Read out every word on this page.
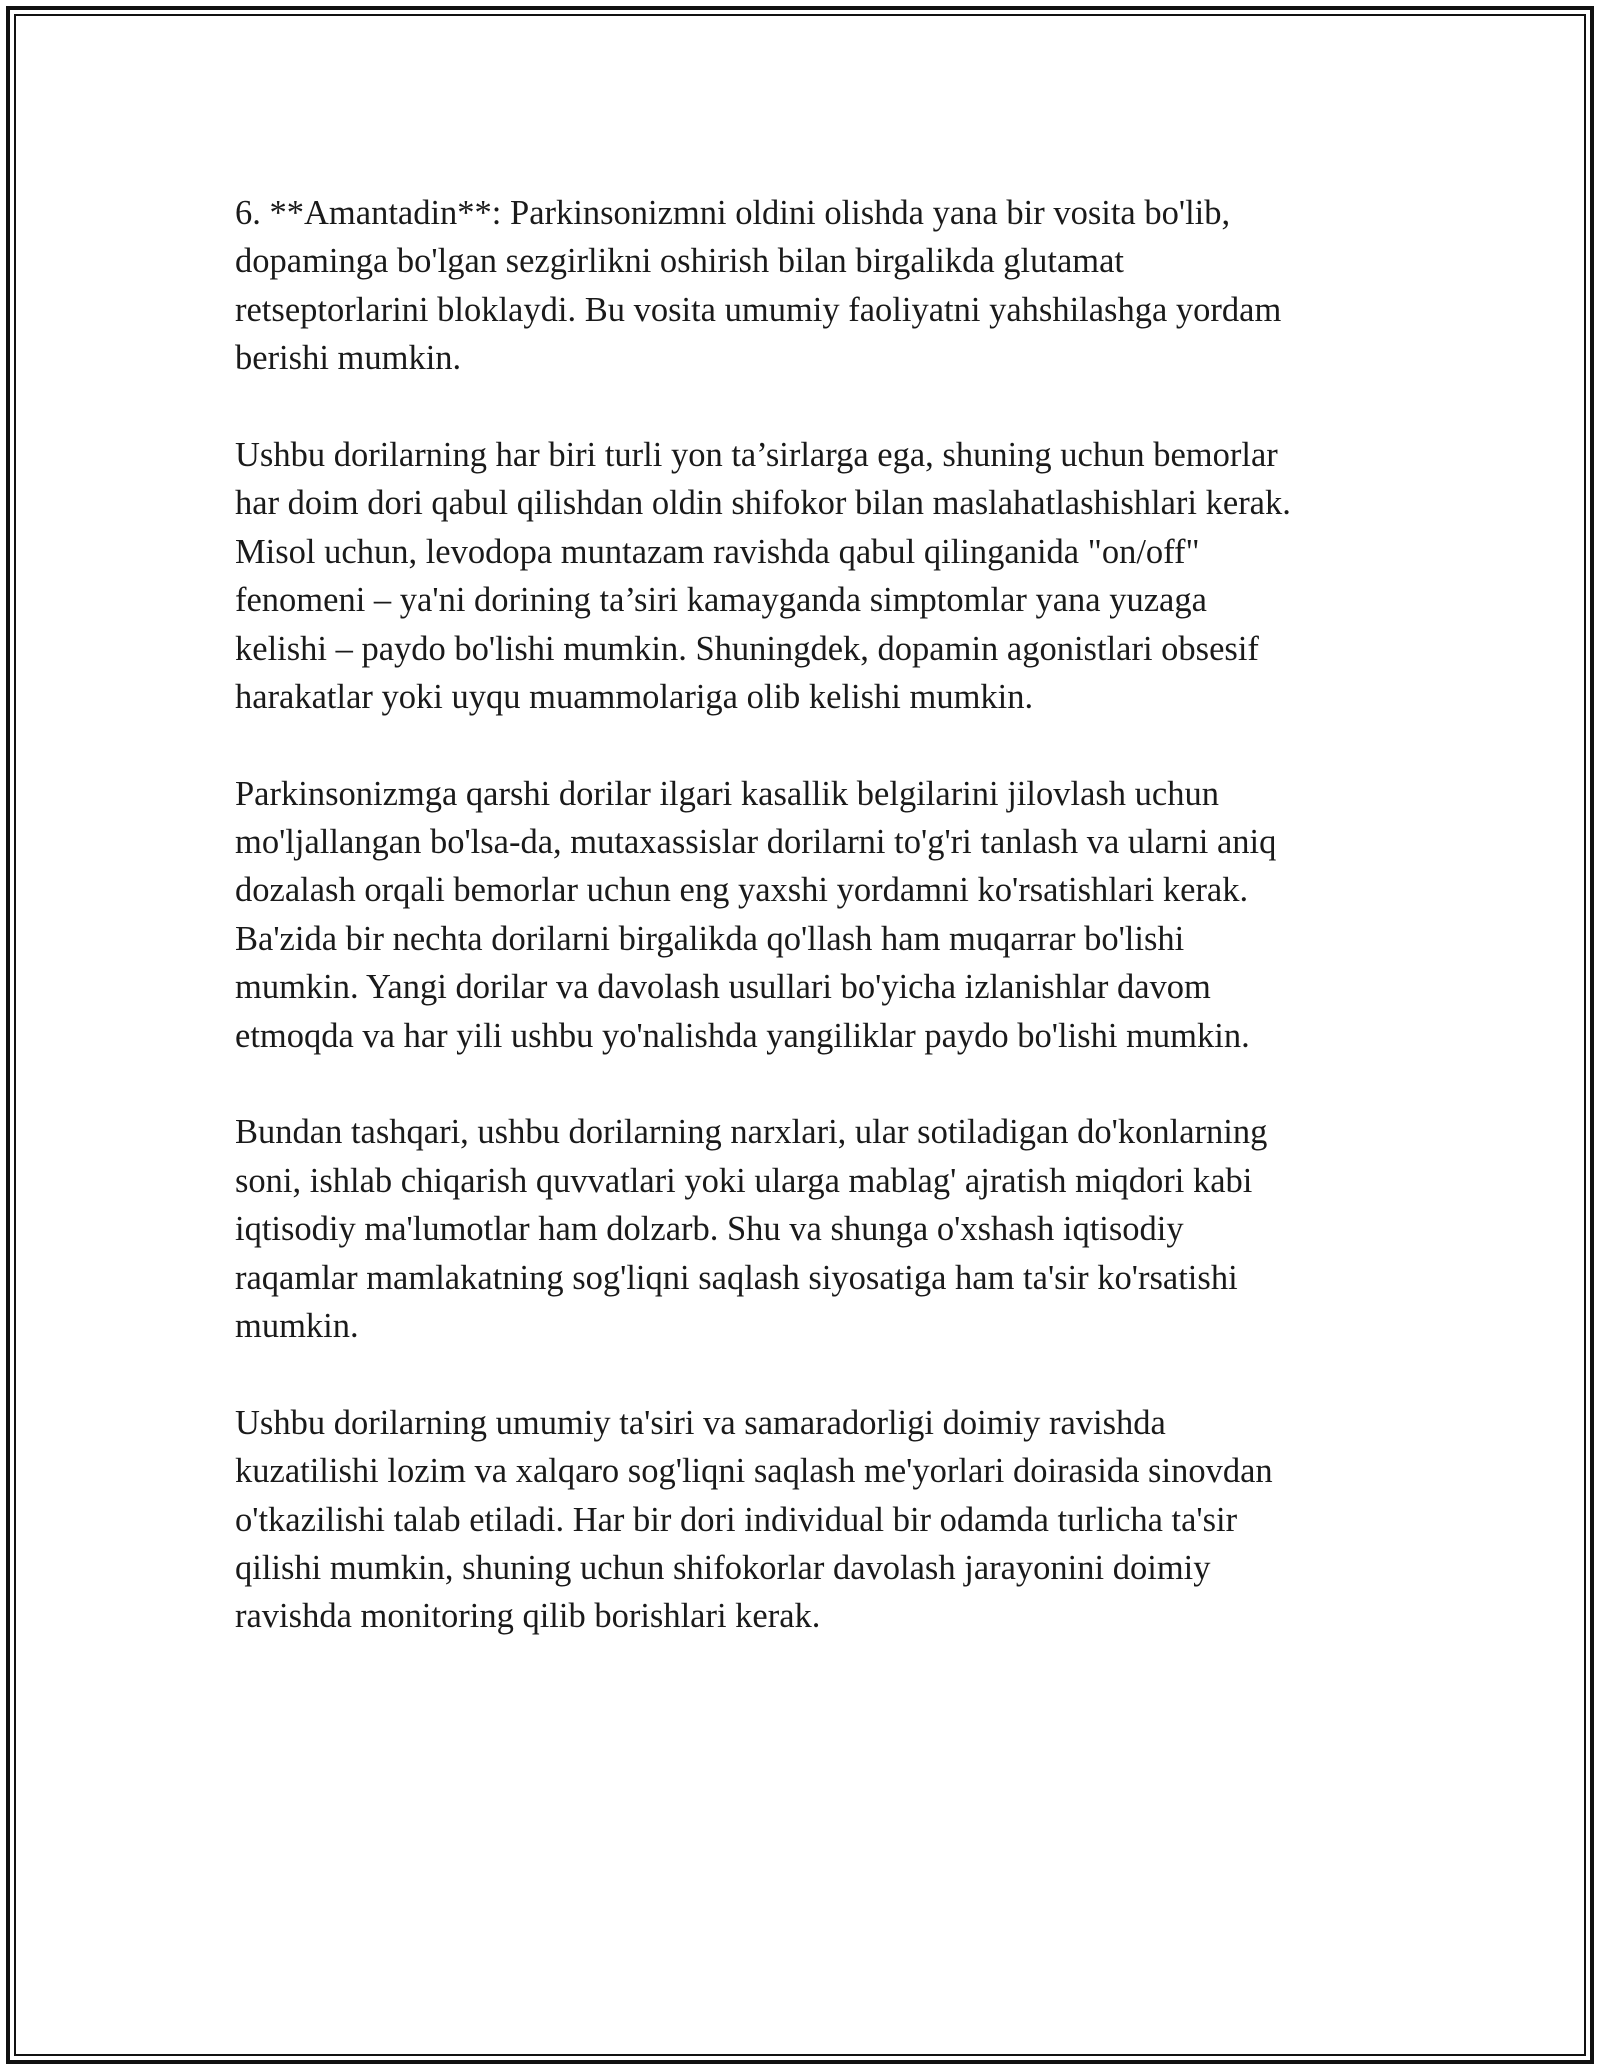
6. **Amantadin**: Parkinsonizmni oldini olishda yana bir vosita bo'lib,
dopaminga bo'lgan sezgirlikni oshirish bilan birgalikda glutamat
retseptorlarini bloklaydi. Bu vosita umumiy faoliyatni yahshilashga yordam
berishi mumkin.

Ushbu dorilarning har biri turli yon ta’sirlarga ega, shuning uchun bemorlar
har doim dori qabul qilishdan oldin shifokor bilan maslahatlashishlari kerak.
Misol uchun, levodopa muntazam ravishda qabul qilinganida "on/off"
fenomeni – ya'ni dorining ta’siri kamayganda simptomlar yana yuzaga
kelishi – paydo bo'lishi mumkin. Shuningdek, dopamin agonistlari obsesif
harakatlar yoki uyqu muammolariga olib kelishi mumkin.

Parkinsonizmga qarshi dorilar ilgari kasallik belgilarini jilovlash uchun
mo'ljallangan bo'lsa-da, mutaxassislar dorilarni to'g'ri tanlash va ularni aniq
dozalash orqali bemorlar uchun eng yaxshi yordamni ko'rsatishlari kerak.
Ba'zida bir nechta dorilarni birgalikda qo'llash ham muqarrar bo'lishi
mumkin. Yangi dorilar va davolash usullari bo'yicha izlanishlar davom
etmoqda va har yili ushbu yo'nalishda yangiliklar paydo bo'lishi mumkin.

Bundan tashqari, ushbu dorilarning narxlari, ular sotiladigan do'konlarning
soni, ishlab chiqarish quvvatlari yoki ularga mablag' ajratish miqdori kabi
iqtisodiy ma'lumotlar ham dolzarb. Shu va shunga o'xshash iqtisodiy
raqamlar mamlakatning sog'liqni saqlash siyosatiga ham ta'sir ko'rsatishi
mumkin.

Ushbu dorilarning umumiy ta'siri va samaradorligi doimiy ravishda
kuzatilishi lozim va xalqaro sog'liqni saqlash me'yorlari doirasida sinovdan
o'tkazilishi talab etiladi. Har bir dori individual bir odamda turlicha ta'sir
qilishi mumkin, shuning uchun shifokorlar davolash jarayonini doimiy
ravishda monitoring qilib borishlari kerak.
